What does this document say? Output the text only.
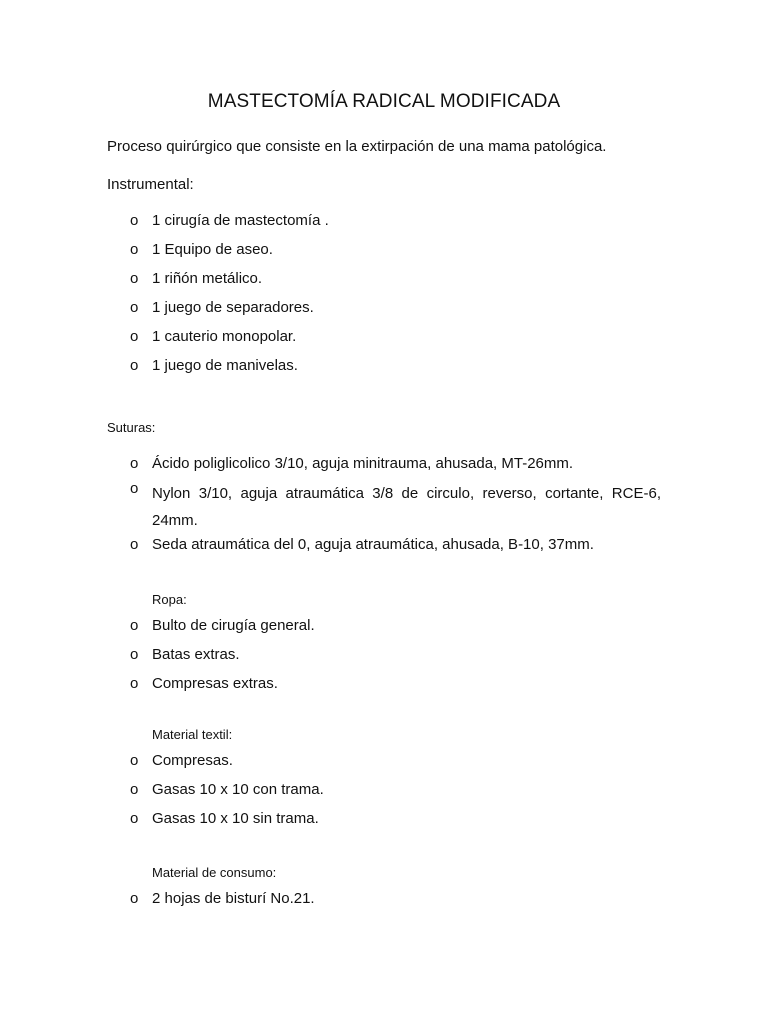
MASTECTOMÍA RADICAL MODIFICADA
Proceso quirúrgico que consiste en la extirpación de una mama patológica.
Instrumental:
o 1 cirugía de mastectomía .
o 1 Equipo de aseo.
o 1 riñón metálico.
o 1 juego de separadores.
o 1 cauterio monopolar.
o 1 juego de manivelas.
Suturas:
o Ácido poliglicolico 3/10, aguja minitrauma, ahusada, MT-26mm.
o Nylon 3/10, aguja atraumática 3/8 de circulo, reverso, cortante, RCE-6, 24mm.
o Seda atraumática del 0, aguja atraumática, ahusada, B-10, 37mm.
Ropa:
o Bulto de cirugía general.
o Batas extras.
o Compresas extras.
Material textil:
o Compresas.
o Gasas 10 x 10 con trama.
o Gasas 10 x 10 sin trama.
Material de consumo:
o 2 hojas de bisturí No.21.
